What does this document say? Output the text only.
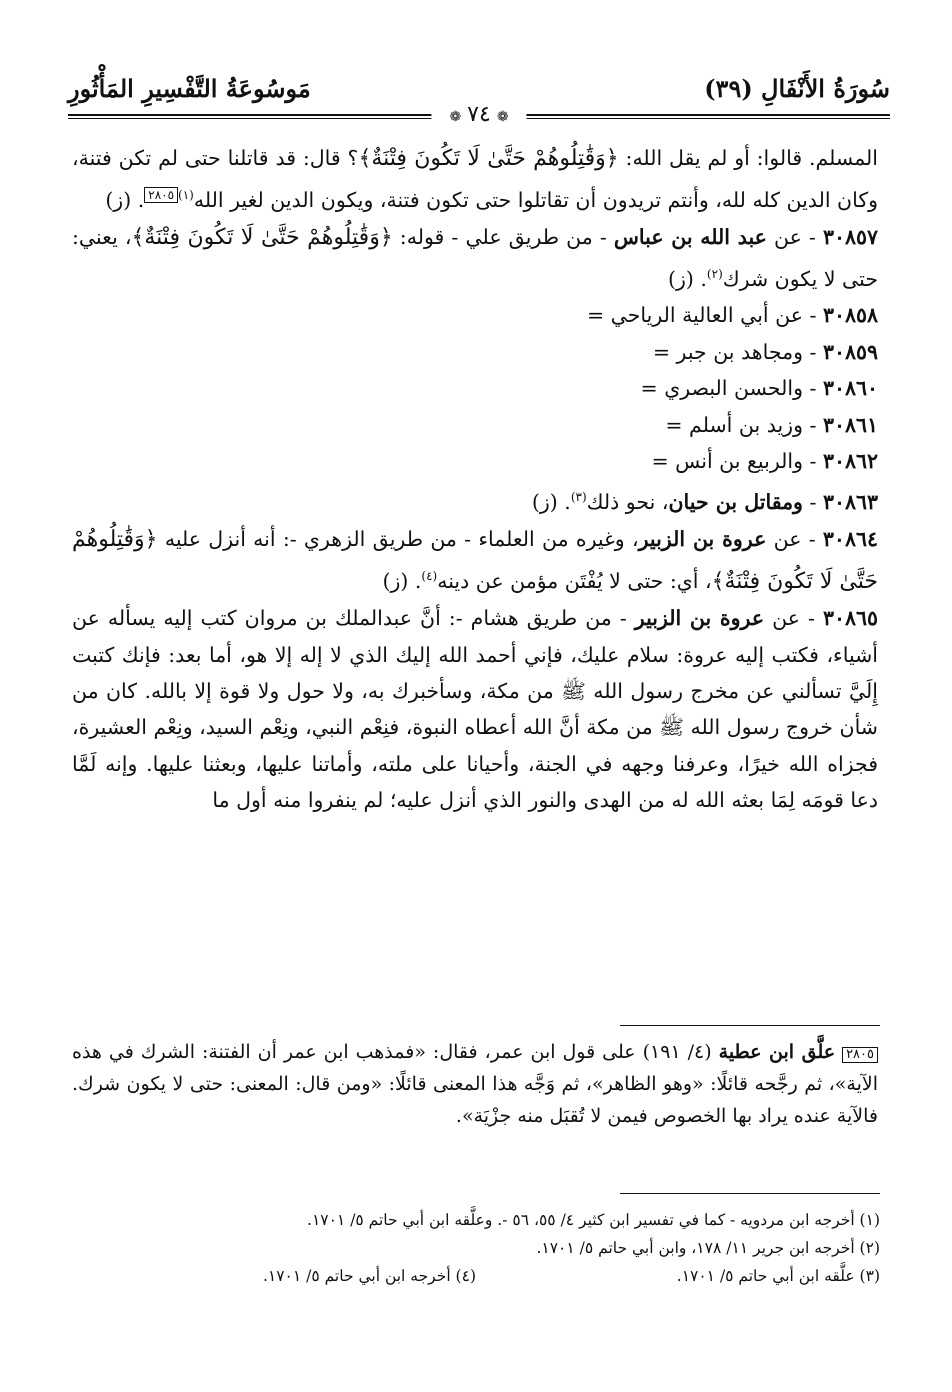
سُورَةُ الأَنْفَالِ (٣٩)
مَوسُوعَةُ التَّفْسِيرِ المَأْثُورِ
❁٧٤❁

المسلم. قالوا: أو لم يقل الله: ﴿وَقَٰتِلُوهُمْ حَتَّىٰ لَا تَكُونَ فِتْنَةٌ﴾؟ قال: قد قاتلنا حتى لم تكن فتنة، وكان الدين كله لله، وأنتم تريدون أن تقاتلوا حتى تكون فتنة، ويكون الدين لغير الله$^{(١)}$٢٨٠٥. (ز)

٣٠٨٥٧ - عن عبد الله بن عباس - من طريق علي - قوله: ﴿وَقَٰتِلُوهُمْ حَتَّىٰ لَا تَكُونَ فِتْنَةٌ﴾، يعني: حتى لا يكون شرك$^{(٢)}$. (ز)

٣٠٨٥٨ - عن أبي العالية الرياحي =

٣٠٨٥٩ - ومجاهد بن جبر =

٣٠٨٦٠ - والحسن البصري =

٣٠٨٦١ - وزيد بن أسلم =

٣٠٨٦٢ - والربيع بن أنس =

٣٠٨٦٣ - ومقاتل بن حيان، نحو ذلك$^{(٣)}$. (ز)

٣٠٨٦٤ - عن عروة بن الزبير، وغيره من العلماء - من طريق الزهري -: أنه أنزل عليه ﴿وَقَٰتِلُوهُمْ حَتَّىٰ لَا تَكُونَ فِتْنَةٌ﴾، أي: حتى لا يُفْتَن مؤمن عن دينه$^{(٤)}$. (ز)

٣٠٨٦٥ - عن عروة بن الزبير - من طريق هشام -: أنَّ عبدالملك بن مروان كتب إليه يسأله عن أشياء، فكتب إليه عروة: سلام عليك، فإني أحمد الله إليك الذي لا إله إلا هو، أما بعد: فإنك كتبت إِلَيَّ تسألني عن مخرج رسول الله ﷺ من مكة، وسأخبرك به، ولا حول ولا قوة إلا بالله. كان من شأن خروج رسول الله ﷺ من مكة أنَّ الله أعطاه النبوة، فنِعْم النبي، ونِعْم السيد، ونِعْم العشيرة، فجزاه الله خيرًا، وعرفنا وجهه في الجنة، وأحيانا على ملته، وأماتنا عليها، وبعثنا عليها. وإنه لَمَّا دعا قومَه لِمَا بعثه الله له من الهدى والنور الذي أنزل عليه؛ لم ينفروا منه أول ما

٢٨٠٥ علَّق ابن عطية (٤/ ١٩١) على قول ابن عمر، فقال: «فمذهب ابن عمر أن الفتنة: الشرك في هذه الآية»، ثم رجَّحه قائلًا: «وهو الظاهر»، ثم وَجَّه هذا المعنى قائلًا: «ومن قال: المعنى: حتى لا يكون شرك. فالآية عنده يراد بها الخصوص فيمن لا تُقبَل منه جزْيَة».

(١) أخرجه ابن مردويه - كما في تفسير ابن كثير ٤/ ٥٥، ٥٦ -. وعلَّقه ابن أبي حاتم ٥/ ١٧٠١.
(٢) أخرجه ابن جرير ١١/ ١٧٨، وابن أبي حاتم ٥/ ١٧٠١.
(٣) علَّقه ابن أبي حاتم ٥/ ١٧٠١.
(٤) أخرجه ابن أبي حاتم ٥/ ١٧٠١.
